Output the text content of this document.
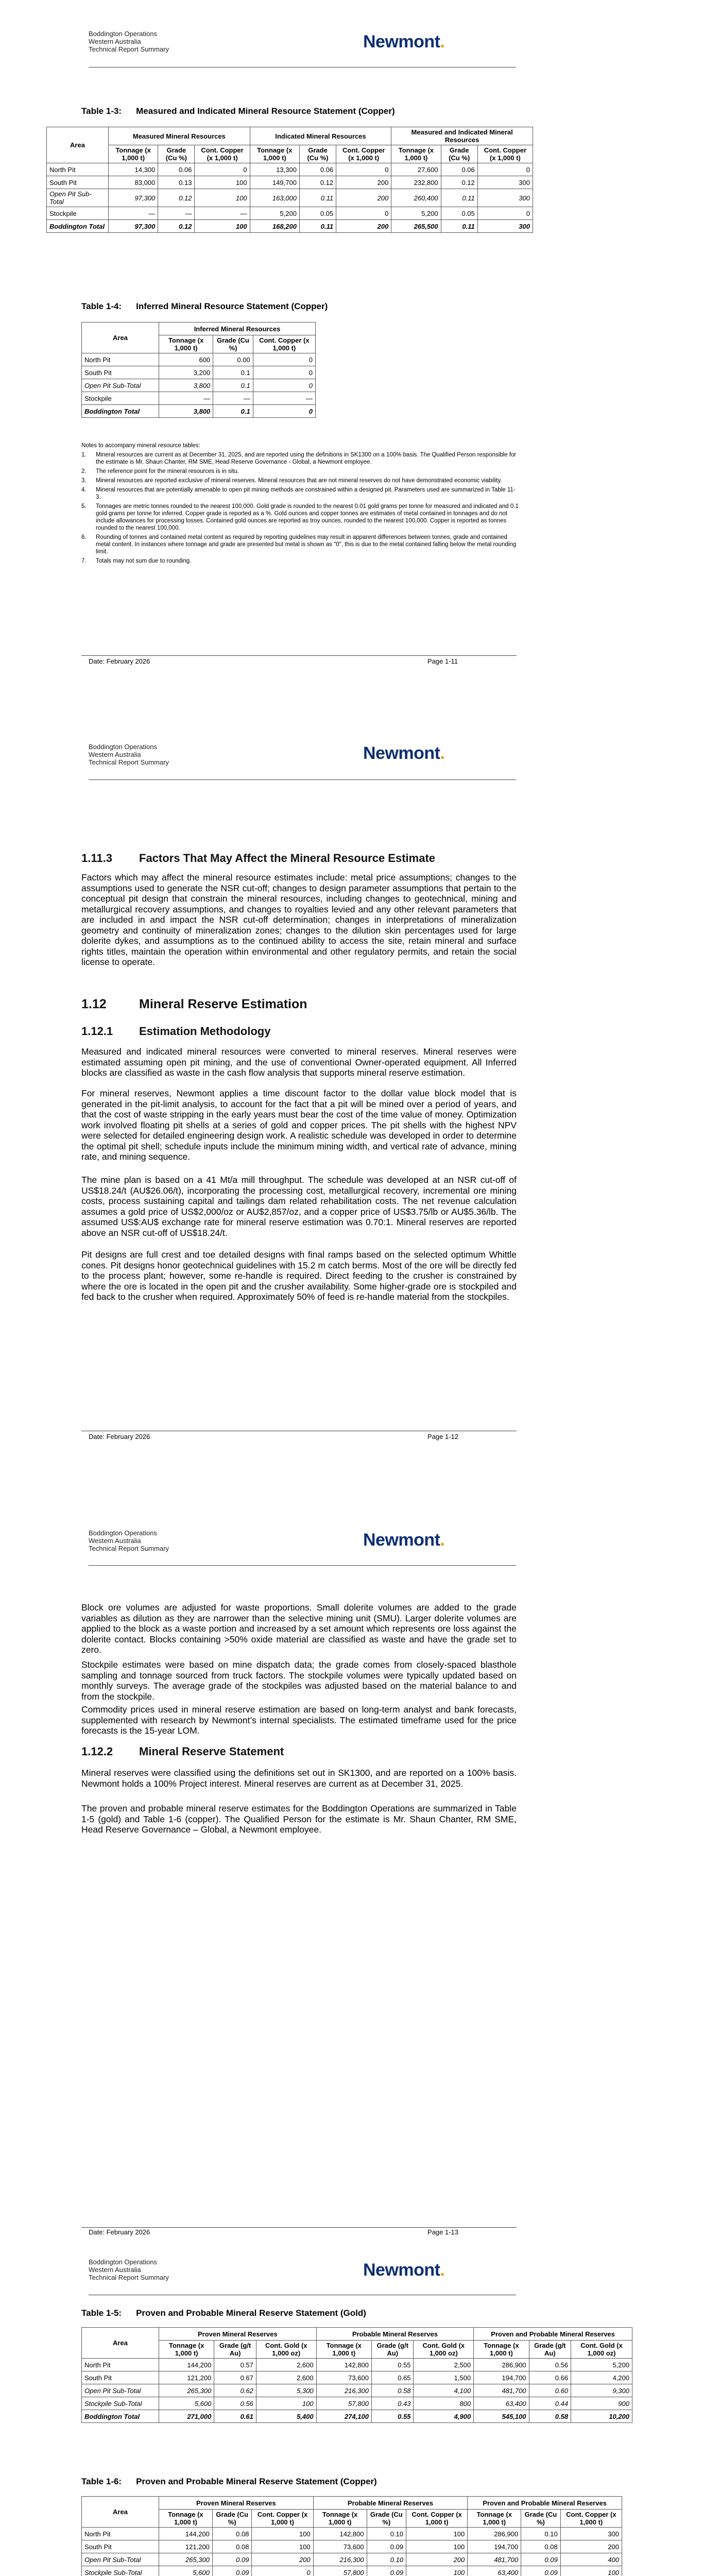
Boddington Operations
Western Australia
Technical Report Summary	Newmont.
Table 1-3: Measured and Indicated Mineral Resource Statement (Copper)
Area	Measured Mineral Resources			Indicated Mineral Resources			Measured and Indicated Mineral Resources		
	Tonnage (x 1,000 t)	Grade (Cu %)	Cont. Copper (x 1,000 t)	Tonnage (x 1,000 t)	Grade (Cu %)	Cont. Copper (x 1,000 t)	Tonnage (x 1,000 t)	Grade (Cu %)	Cont. Copper (x 1,000 t)
North Pit	14,300	0.06	0	13,300	0.06	0	27,600	0.06	0
South Pit	83,000	0.13	100	149,700	0.12	200	232,800	0.12	300
Open Pit Sub-Total	97,300	0.12	100	163,000	0.11	200	260,400	0.11	300
Stockpile	—	—	—	5,200	0.05	0	5,200	0.05	0
Boddington Total	97,300	0.12	100	168,200	0.11	200	265,500	0.11	300
Table 1-4: Inferred Mineral Resource Statement (Copper)
Area	Inferred Mineral Resources		
	Tonnage (x 1,000 t)	Grade (Cu %)	Cont. Copper (x 1,000 t)
North Pit	600	0.00	0
South Pit	3,200	0.1	0
Open Pit Sub-Total	3,800	0.1	0
Stockpile	—	—	—
Boddington Total	3,800	0.1	0
Notes to accompany mineral resource tables:
1.	Mineral resources are current as at December 31, 2025, and are reported using the definitions in SK1300 on a 100% basis. The Qualified Person responsible for the estimate is Mr. Shaun Chanter, RM SME, Head Reserve Governance - Global, a Newmont employee.
2.	The reference point for the mineral resources is in situ.
3.	Mineral resources are reported exclusive of mineral reserves. Mineral resources that are not mineral reserves do not have demonstrated economic viability.
4.	Mineral resources that are potentially amenable to open pit mining methods are constrained within a designed pit. Parameters used are summarized in Table 11-3.
5.	Tonnages are metric tonnes rounded to the nearest 100,000. Gold grade is rounded to the nearest 0.01 gold grams per tonne for measured and indicated and 0.1 gold grams per tonne for inferred. Copper grade is reported as a %. Gold ounces and copper tonnes are estimates of metal contained in tonnages and do not include allowances for processing losses. Contained gold ounces are reported as troy ounces, rounded to the nearest 100,000. Copper is reported as tonnes rounded to the nearest 100,000.
6.	Rounding of tonnes and contained metal content as required by reporting guidelines may result in apparent differences between tonnes, grade and contained metal content. In instances where tonnage and grade are presented but metal is shown as "0", this is due to the metal contained falling below the metal rounding limit.
7.	Totals may not sum due to rounding.
Date: February 2026	Page 1-11
Boddington Operations
Western Australia
Technical Report Summary	Newmont.
1.11.3 Factors That May Affect the Mineral Resource Estimate
Factors which may affect the mineral resource estimates include: metal price assumptions; changes to the assumptions used to generate the NSR cut-off; changes to design parameter assumptions that pertain to the conceptual pit design that constrain the mineral resources, including changes to geotechnical, mining and metallurgical recovery assumptions, and changes to royalties levied and any other relevant parameters that are included in and impact the NSR cut-off determination; changes in interpretations of mineralization geometry and continuity of mineralization zones; changes to the dilution skin percentages used for large dolerite dykes, and assumptions as to the continued ability to access the site, retain mineral and surface rights titles, maintain the operation within environmental and other regulatory permits, and retain the social license to operate.
1.12	Mineral Reserve Estimation
1.12.1 Estimation Methodology
Measured and indicated mineral resources were converted to mineral reserves. Mineral reserves were estimated assuming open pit mining, and the use of conventional Owner-operated equipment. All Inferred blocks are classified as waste in the cash flow analysis that supports mineral reserve estimation.
For mineral reserves, Newmont applies a time discount factor to the dollar value block model that is generated in the pit-limit analysis, to account for the fact that a pit will be mined over a period of years, and that the cost of waste stripping in the early years must bear the cost of the time value of money. Optimization work involved floating pit shells at a series of gold and copper prices. The pit shells with the highest NPV were selected for detailed engineering design work. A realistic schedule was developed in order to determine the optimal pit shell; schedule inputs include the minimum mining width, and vertical rate of advance, mining rate, and mining sequence.
The mine plan is based on a 41 Mt/a mill throughput. The schedule was developed at an NSR cut-off of US$18.24/t (AU$26.06/t), incorporating the processing cost, metallurgical recovery, incremental ore mining costs, process sustaining capital and tailings dam related rehabilitation costs. The net revenue calculation assumes a gold price of US$2,000/oz or AU$2,857/oz, and a copper price of US$3.75/lb or AU$5.36/lb. The assumed US$:AU$ exchange rate for mineral reserve estimation was 0.70:1. Mineral reserves are reported above an NSR cut-off of US$18.24/t.
Pit designs are full crest and toe detailed designs with final ramps based on the selected optimum Whittle cones. Pit designs honor geotechnical guidelines with 15.2 m catch berms. Most of the ore will be directly fed to the process plant; however, some re-handle is required. Direct feeding to the crusher is constrained by where the ore is located in the open pit and the crusher availability. Some higher-grade ore is stockpiled and fed back to the crusher when required. Approximately 50% of feed is re-handle material from the stockpiles.
Date: February 2026	Page 1-12
Boddington Operations
Western Australia
Technical Report Summary	Newmont.
Block ore volumes are adjusted for waste proportions. Small dolerite volumes are added to the grade variables as dilution as they are narrower than the selective mining unit (SMU). Larger dolerite volumes are applied to the block as a waste portion and increased by a set amount which represents ore loss against the dolerite contact. Blocks containing >50% oxide material are classified as waste and have the grade set to zero.
Stockpile estimates were based on mine dispatch data; the grade comes from closely-spaced blasthole sampling and tonnage sourced from truck factors. The stockpile volumes were typically updated based on monthly surveys. The average grade of the stockpiles was adjusted based on the material balance to and from the stockpile.
Commodity prices used in mineral reserve estimation are based on long-term analyst and bank forecasts, supplemented with research by Newmont’s internal specialists. The estimated timeframe used for the price forecasts is the 15-year LOM.
1.12.2 Mineral Reserve Statement
Mineral reserves were classified using the definitions set out in SK1300, and are reported on a 100% basis. Newmont holds a 100% Project interest. Mineral reserves are current as at December 31, 2025.
The proven and probable mineral reserve estimates for the Boddington Operations are summarized in Table 1-5 (gold) and Table 1-6 (copper). The Qualified Person for the estimate is Mr. Shaun Chanter, RM SME, Head Reserve Governance – Global, a Newmont employee.
Date: February 2026	Page 1-13
Boddington Operations
Western Australia
Technical Report Summary	Newmont.
Table 1-5: Proven and Probable Mineral Reserve Statement (Gold)
Area	Proven Mineral Reserves			Probable Mineral Reserves			Proven and Probable Mineral Reserves		
	Tonnage (x 1,000 t)	Grade (g/t Au)	Cont. Gold (x 1,000 oz)	Tonnage (x 1,000 t)	Grade (g/t Au)	Cont. Gold (x 1,000 oz)	Tonnage (x 1,000 t)	Grade (g/t Au)	Cont. Gold (x 1,000 oz)
North Pit	144,200	0.57	2,600	142,800	0.55	2,500	286,900	0.56	5,200
South Pit	121,200	0.67	2,600	73,600	0.65	1,500	194,700	0.66	4,200
Open Pit Sub-Total	265,300	0.62	5,300	216,300	0.58	4,100	481,700	0.60	9,300
Stockpile Sub-Total	5,600	0.56	100	57,800	0.43	800	63,400	0.44	900
Boddington Total	271,000	0.61	5,400	274,100	0.55	4,900	545,100	0.58	10,200
Table 1-6: Proven and Probable Mineral Reserve Statement (Copper)
Area	Proven Mineral Reserves			Probable Mineral Reserves			Proven and Probable Mineral Reserves		
	Tonnage (x 1,000 t)	Grade (Cu %)	Cont. Copper (x 1,000 t)	Tonnage (x 1,000 t)	Grade (Cu %)	Cont. Copper (x 1,000 t)	Tonnage (x 1,000 t)	Grade (Cu %)	Cont. Copper (x 1,000 t)
North Pit	144,200	0.08	100	142,800	0.10	100	286,900	0.10	300
South Pit	121,200	0.08	100	73,600	0.09	100	194,700	0.08	200
Open Pit Sub-Total	265,300	0.09	200	216,300	0.10	200	481,700	0.09	400
Stockpile Sub-Total	5,600	0.09	0	57,800	0.09	100	63,400	0.09	100
